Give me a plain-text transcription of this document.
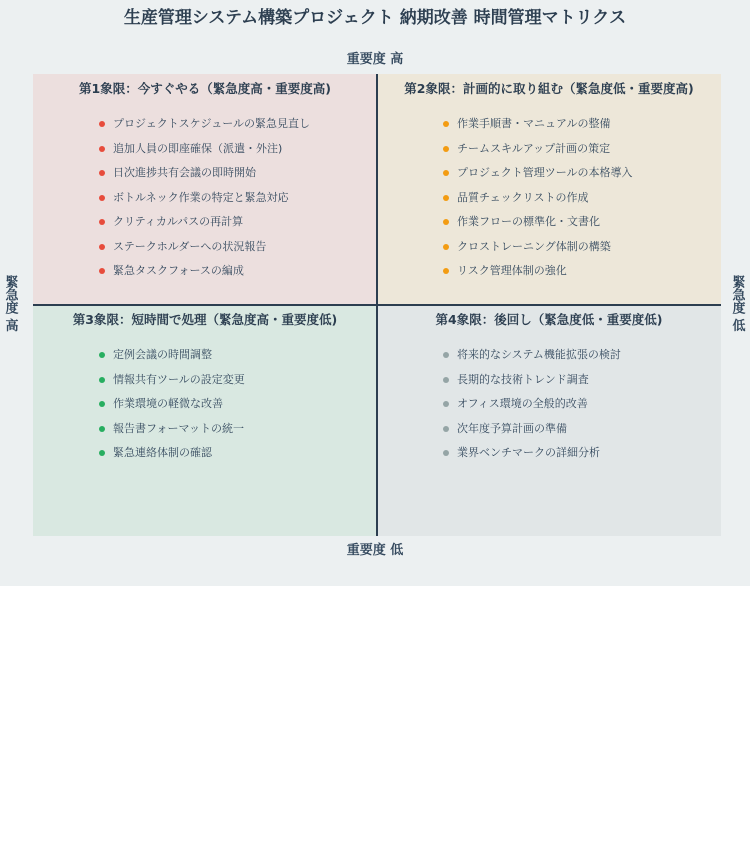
生産管理システム構築プロジェクト 納期改善 時間管理マトリクス
重要度 高
重要度 低
緊急度 高	緊急度 低
第1象限：今すぐやる（緊急度高・重要度高)
プロジェクトスケジュールの緊急見直し
追加人員の即座確保（派遣・外注)
日次進捗共有会議の即時開始
ボトルネック作業の特定と緊急対応
クリティカルパスの再計算
ステークホルダーへの状況報告
緊急タスクフォースの編成
第2象限：計画的に取り組む（緊急度低・重要度高)
作業手順書・マニュアルの整備
チームスキルアップ計画の策定
プロジェクト管理ツールの本格導入
品質チェックリストの作成
作業フローの標準化・文書化
クロストレーニング体制の構築
リスク管理体制の強化
第3象限：短時間で処理（緊急度高・重要度低)
定例会議の時間調整
情報共有ツールの設定変更
作業環境の軽微な改善
報告書フォーマットの統一
緊急連絡体制の確認
第4象限：後回し（緊急度低・重要度低)
将来的なシステム機能拡張の検討
長期的な技術トレンド調査
オフィス環境の全般的改善
次年度予算計画の準備
業界ベンチマークの詳細分析
